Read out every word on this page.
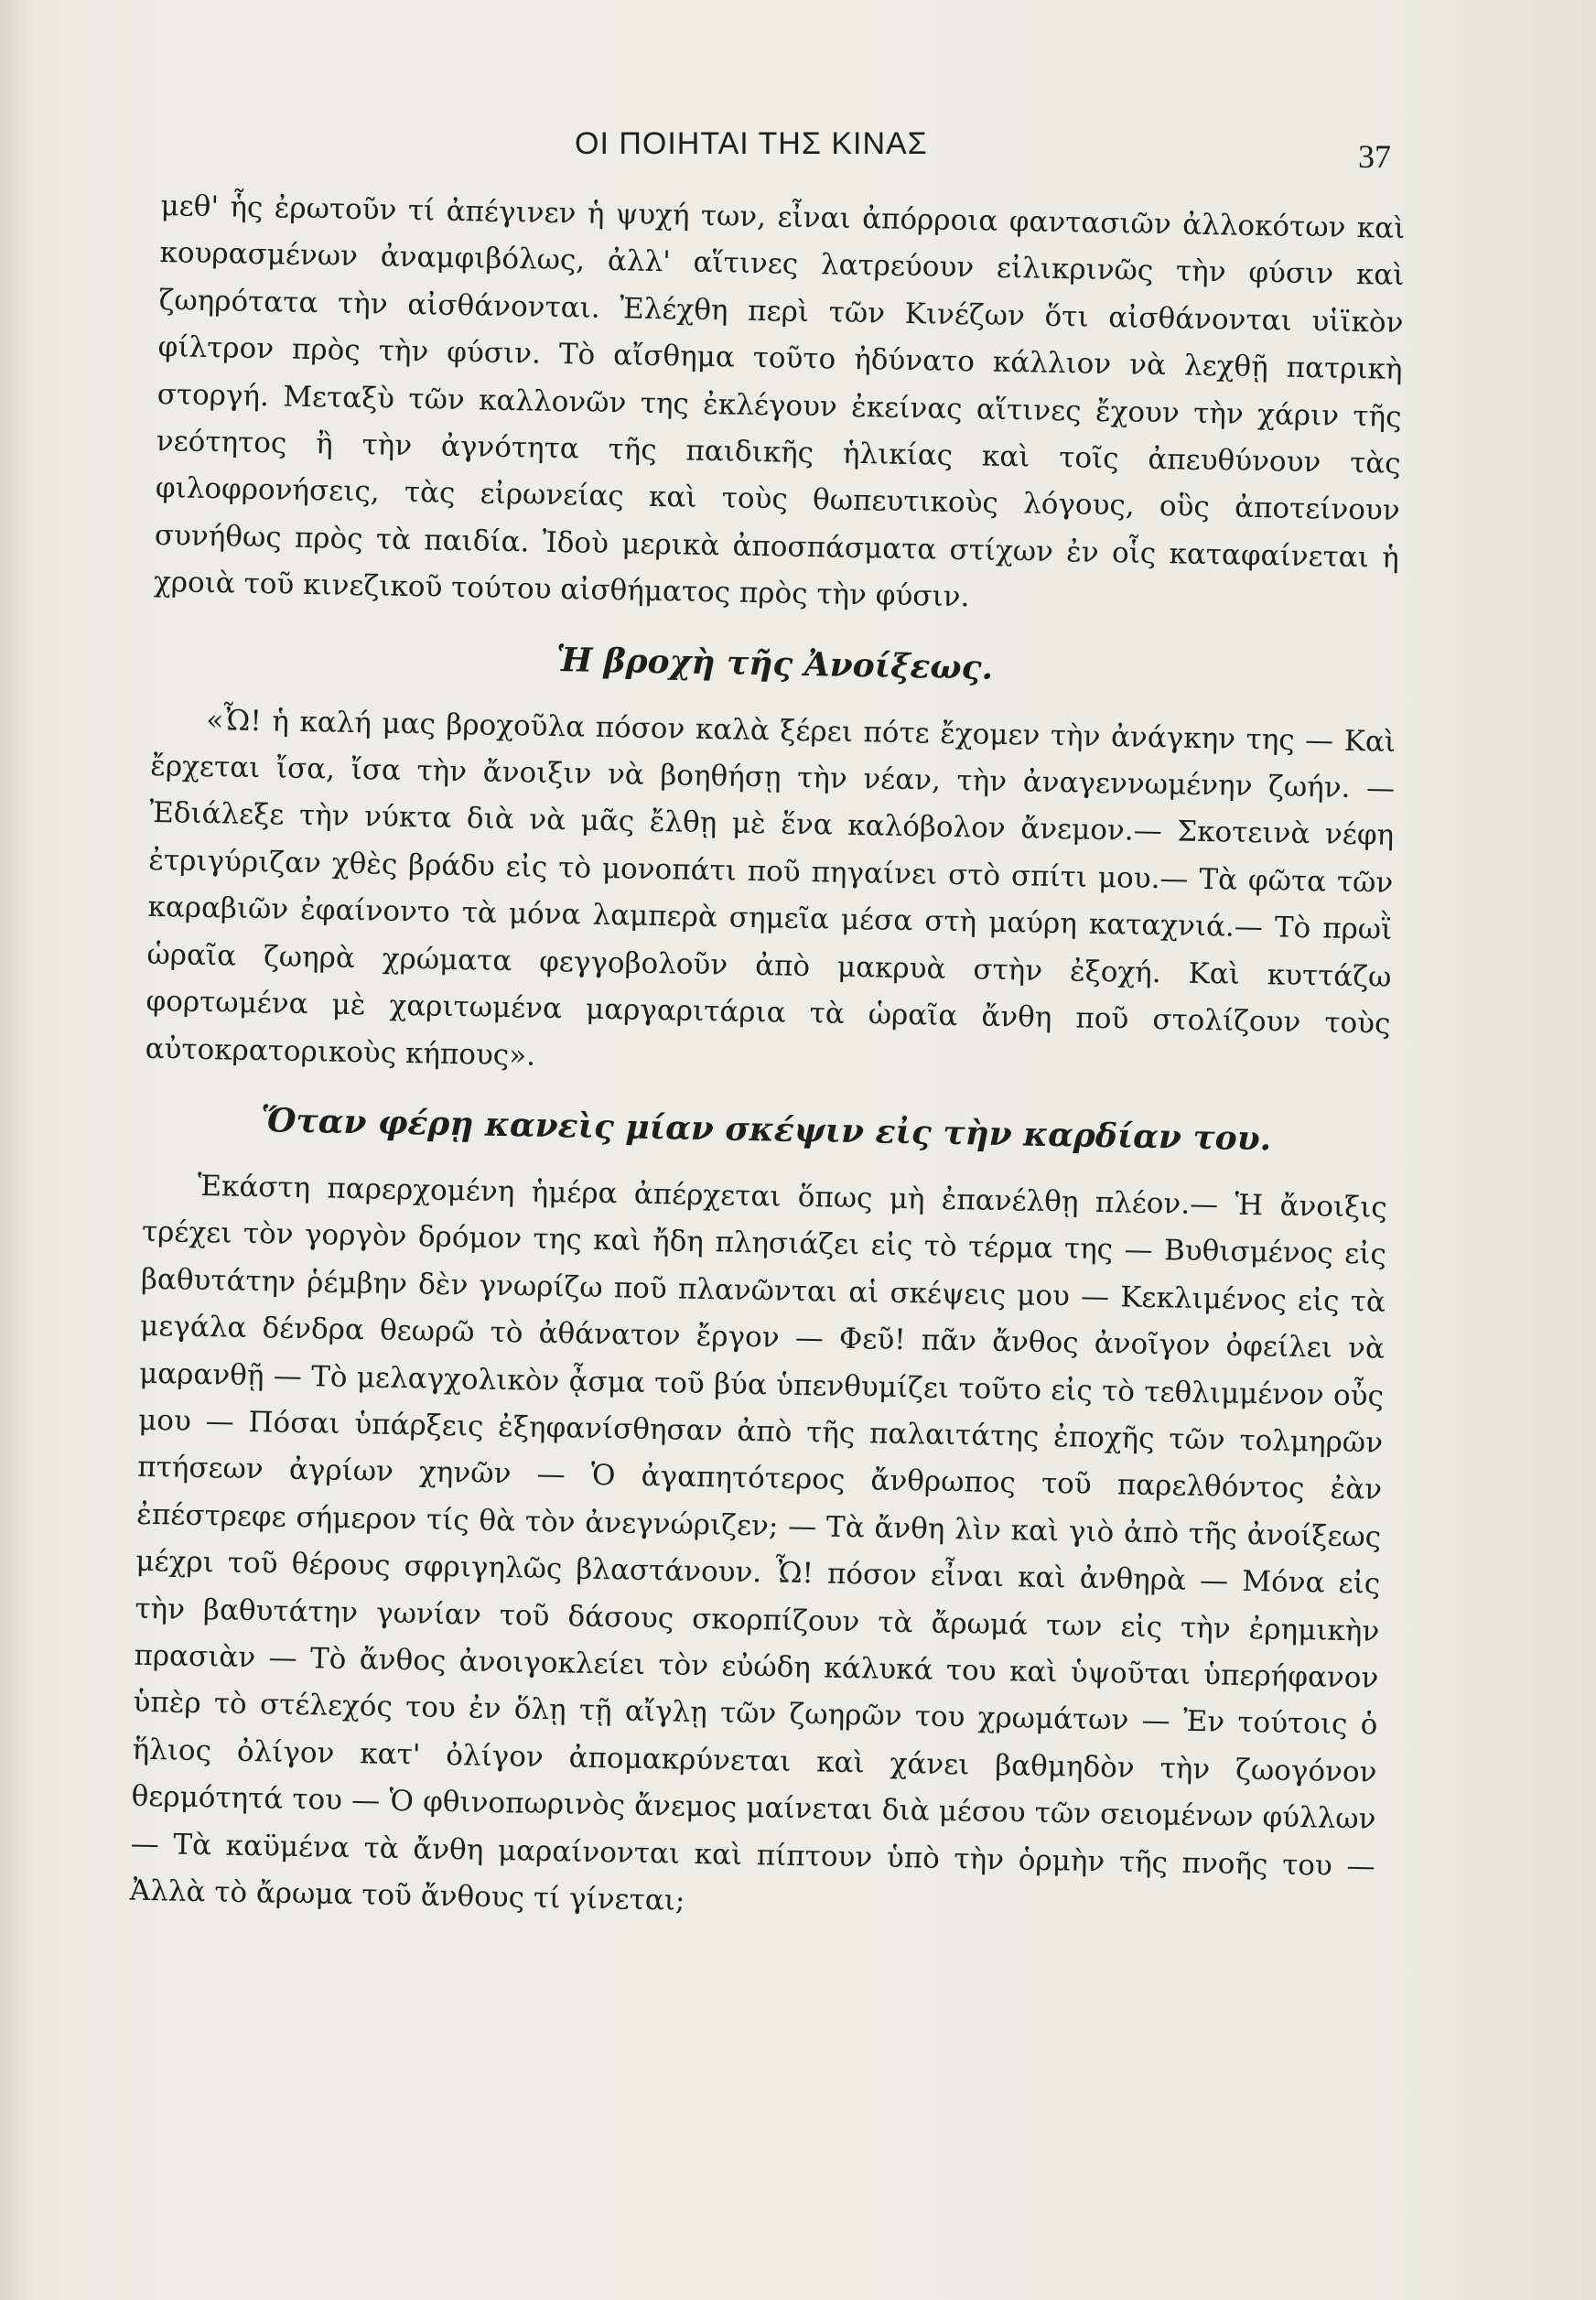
ΟΙ ΠΟΙΗΤΑΙ ΤΗΣ ΚΙΝΑΣ	37

μεθ' ἧς ἐρωτοῦν τί ἀπέγινεν ἡ ψυχή των, εἶναι ἀπόρροια φαντασιῶν ἀλλοκότων καὶ κουρασμένων ἀναμφιβόλως, ἀλλ' αἵτινες λατρεύουν εἰλικρινῶς τὴν φύσιν καὶ ζωηρότατα τὴν αἰσθάνονται. Ἐλέχθη περὶ τῶν Κινέζων ὅτι αἰσθάνονται υἱϊκὸν φίλτρον πρὸς τὴν φύσιν. Τὸ αἴσθημα τοῦτο ἠδύνατο κάλλιον νὰ λεχθῇ πατρικὴ στοργή. Μεταξὺ τῶν καλλονῶν της ἐκλέγουν ἐκείνας αἵτινες ἔχουν τὴν χάριν τῆς νεότητος ἢ τὴν ἀγνότητα τῆς παιδικῆς ἡλικίας καὶ τοῖς ἀπευθύνουν τὰς φιλοφρονήσεις, τὰς εἰρωνείας καὶ τοὺς θωπευτικοὺς λόγους, οὓς ἀποτείνουν συνήθως πρὸς τὰ παιδία. Ἰδοὺ μερικὰ ἀποσπάσματα στίχων ἐν οἷς καταφαίνεται ἡ χροιὰ τοῦ κινεζικοῦ τούτου αἰσθήματος πρὸς τὴν φύσιν.

Ἡ βροχὴ τῆς Ἀνοίξεως.

«Ὦ! ἡ καλή μας βροχοῦλα πόσον καλὰ ξέρει πότε ἔχομεν τὴν ἀνάγκην της — Καὶ ἔρχεται ἴσα, ἴσα τὴν ἄνοιξιν νὰ βοηθήσῃ τὴν νέαν, τὴν ἀναγεννωμένην ζωήν. — Ἐδιάλεξε τὴν νύκτα διὰ νὰ μᾶς ἔλθῃ μὲ ἕνα καλόβολον ἄνεμον.— Σκοτεινὰ νέφη ἐτριγύριζαν χθὲς βράδυ εἰς τὸ μονοπάτι ποῦ πηγαίνει στὸ σπίτι μου.— Τὰ φῶτα τῶν καραβιῶν ἐφαίνοντο τὰ μόνα λαμπερὰ σημεῖα μέσα στὴ μαύρη καταχνιά.— Τὸ πρωῒ ὡραῖα ζωηρὰ χρώματα φεγγοβολοῦν ἀπὸ μακρυὰ στὴν ἐξοχή. Καὶ κυττάζω φορτωμένα μὲ χαριτωμένα μαργαριτάρια τὰ ὡραῖα ἄνθη ποῦ στολίζουν τοὺς αὐτοκρατορικοὺς κήπους».

Ὅταν φέρῃ κανεὶς μίαν σκέψιν εἰς τὴν καρδίαν του.

Ἑκάστη παρερχομένη ἡμέρα ἀπέρχεται ὅπως μὴ ἐπανέλθῃ πλέον.— Ἡ ἄνοιξις τρέχει τὸν γοργὸν δρόμον της καὶ ἤδη πλησιάζει εἰς τὸ τέρμα της — Βυθισμένος εἰς βαθυτάτην ῥέμβην δὲν γνωρίζω ποῦ πλανῶνται αἱ σκέψεις μου — Κεκλιμένος εἰς τὰ μεγάλα δένδρα θεωρῶ τὸ ἀθάνατον ἔργον — Φεῦ! πᾶν ἄνθος ἀνοῖγον ὀφείλει νὰ μαρανθῇ — Τὸ μελαγχολικὸν ᾆσμα τοῦ βύα ὑπενθυμίζει τοῦτο εἰς τὸ τεθλιμμένον οὖς μου — Πόσαι ὑπάρξεις ἐξηφανίσθησαν ἀπὸ τῆς παλαιτάτης ἐποχῆς τῶν τολμηρῶν πτήσεων ἀγρίων χηνῶν — Ὁ ἀγαπητότερος ἄνθρωπος τοῦ παρελθόντος ἐὰν ἐπέστρεφε σήμερον τίς θὰ τὸν ἀνεγνώριζεν; — Τὰ ἄνθη λὶν καὶ γιὸ ἀπὸ τῆς ἀνοίξεως μέχρι τοῦ θέρους σφριγηλῶς βλαστάνουν. Ὦ! πόσον εἶναι καὶ ἀνθηρὰ — Μόνα εἰς τὴν βαθυτάτην γωνίαν τοῦ δάσους σκορπίζουν τὰ ἄρωμά των εἰς τὴν ἐρημικὴν πρασιὰν — Τὸ ἄνθος ἀνοιγοκλείει τὸν εὐώδη κάλυκά του καὶ ὑψοῦται ὑπερήφανον ὑπὲρ τὸ στέλεχός του ἐν ὅλῃ τῇ αἴγλῃ τῶν ζωηρῶν του χρωμάτων — Ἐν τούτοις ὁ ἥλιος ὀλίγον κατ' ὀλίγον ἀπομακρύνεται καὶ χάνει βαθμηδὸν τὴν ζωογόνον θερμότητά του — Ὁ φθινοπωρινὸς ἄνεμος μαίνεται διὰ μέσου τῶν σειομένων φύλλων — Τὰ καϋμένα τὰ ἄνθη μαραίνονται καὶ πίπτουν ὑπὸ τὴν ὁρμὴν τῆς πνοῆς του — Ἀλλὰ τὸ ἄρωμα τοῦ ἄνθους τί γίνεται;
